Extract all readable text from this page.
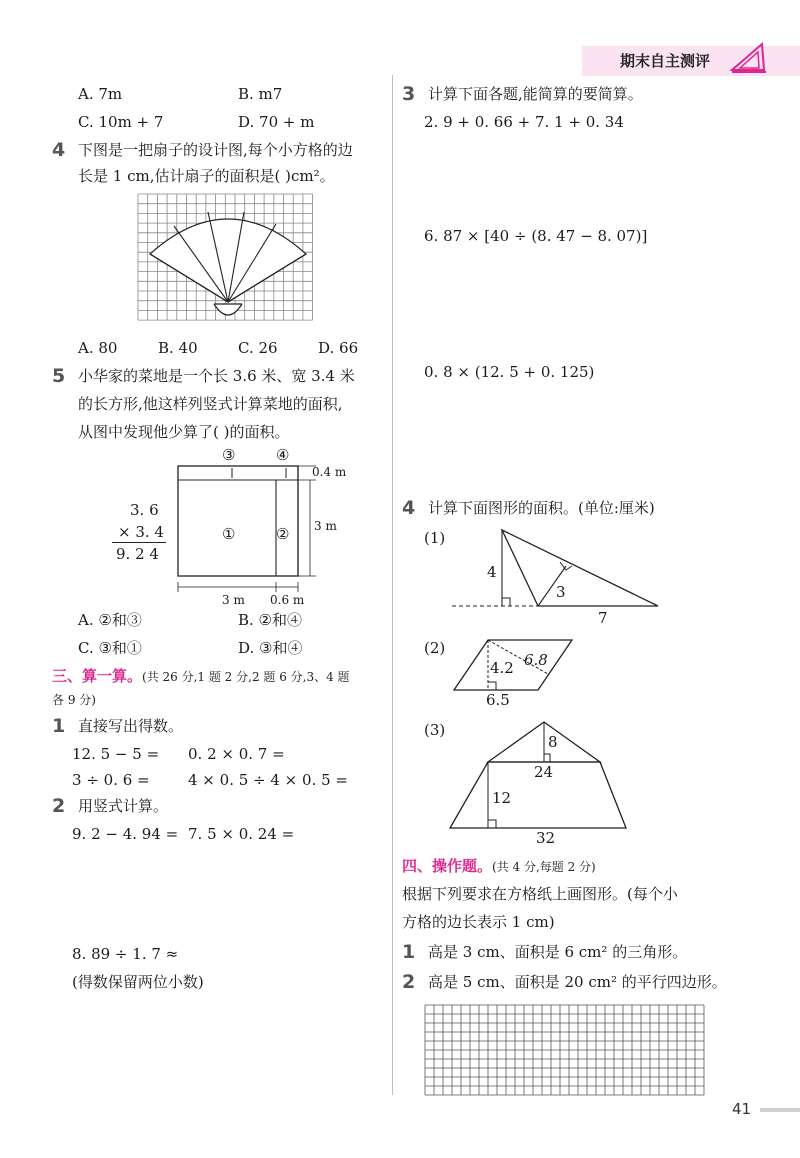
期末自主测评
A. 7m	B. m7
C. 10m + 7	D. 70 + m
4 下图是一把扇子的设计图,每个小方格的边
长是 1 cm,估计扇子的面积是( )cm²。
A. 80	B. 40	C. 26	D. 66
5 小华家的菜地是一个长 3.6 米、宽 3.4 米
的长方形,他这样列竖式计算菜地的面积,
从图中发现他少算了( )的面积。
3. 6
× 3. 4
9. 2 4
③	④
①	②
0.4 m
3 m
3 m 0.6 m
A. ②和③	B. ②和④
C. ③和①	D. ③和④
三、算一算。(共 26 分,1 题 2 分,2 题 6 分,3、4 题
各 9 分)
1 直接写出得数。
12. 5 − 5 = 0. 2 × 0. 7 =
3 ÷ 0. 6 =	4 × 0. 5 ÷ 4 × 0. 5 =
2 用竖式计算。
9. 2 − 4. 94 = 7. 5 × 0. 24 =
8. 89 ÷ 1. 7 ≈
(得数保留两位小数)
3 计算下面各题,能简算的要简算。
2. 9 + 0. 66 + 7. 1 + 0. 34
6. 87 × [40 ÷ (8. 47 − 8. 07)]
0. 8 × (12. 5 + 0. 125)
4 计算下面图形的面积。(单位:厘米)
(1)
4
3
7
(2)
6.8
4.2
6.5
(3)
8
24
12
32
四、操作题。(共 4 分,每题 2 分)
根据下列要求在方格纸上画图形。(每个小
方格的边长表示 1 cm)
1 高是 3 cm、面积是 6 cm² 的三角形。
2 高是 5 cm、面积是 20 cm² 的平行四边形。
41
